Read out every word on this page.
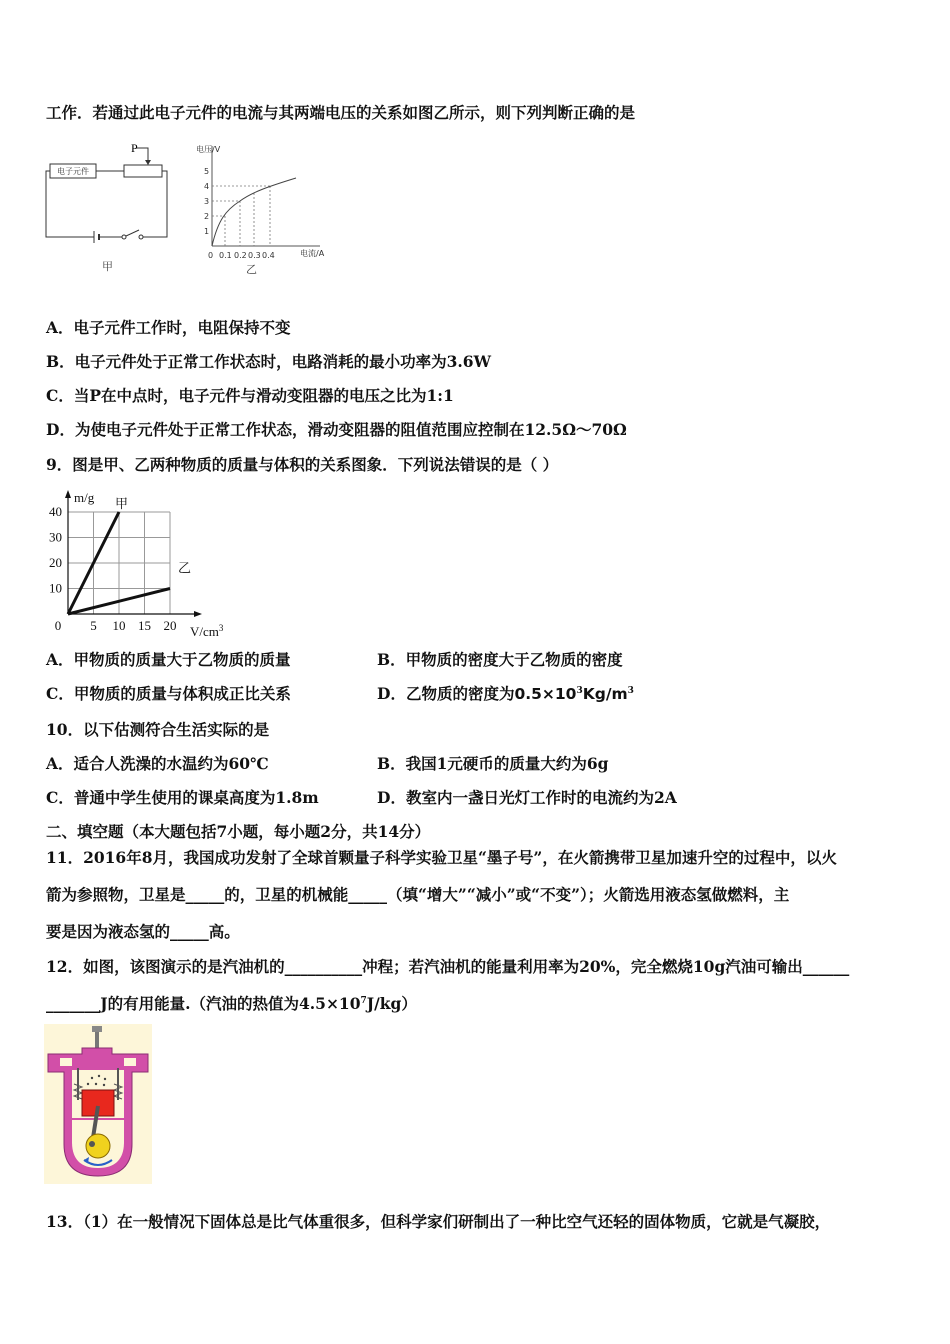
工作．若通过此电子元件的电流与其两端电压的关系如图乙所示，则下列判断正确的是
电子元件
P
甲
电压/V
电流/A
1
2
3
4
5
0 0.1 0.2 0.3 0.4
乙
A．电子元件工作时，电阻保持不变
B．电子元件处于正常工作状态时，电路消耗的最小功率为3.6W
C．当P在中点时，电子元件与滑动变阻器的电压之比为1:1
D．为使电子元件处于正常工作状态，滑动变阻器的阻值范围应控制在12.5Ω～70Ω
9．图是甲、乙两种物质的质量与体积的关系图象．下列说法错误的是（ ）
0 5 10 15 20
10
20
30
40
m/g
$V/cm^3$
甲
乙
A．甲物质的质量大于乙物质的质量	B．甲物质的密度大于乙物质的密度
C．甲物质的质量与体积成正比关系	D．乙物质的密度为$0.5\times 10^3Kg/m^3$
10．以下估测符合生活实际的是
A．适合人洗澡的水温约为60℃	B．我国1元硬币的质量大约为6g
C．普通中学生使用的课桌高度为1.8m	D．教室内一盏日光灯工作时的电流约为2A
二、填空题（本大题包括7小题，每小题2分，共14分）
11．2016年8月，我国成功发射了全球首颗量子科学实验卫星“墨子号”，在火箭携带卫星加速升空的过程中，以火
箭为参照物，卫星是_____的，卫星的机械能_____（填“增大”“减小”或“不变”）；火箭选用液态氢做燃料，主
要是因为液态氢的_____高。
12．如图，该图演示的是汽油机的__________冲程；若汽油机的能量利用率为20%，完全燃烧10g汽油可输出______
_______J的有用能量.（汽油的热值为$4.5\times 10^7J/kg$）
13．（1）在一般情况下固体总是比气体重很多，但科学家们研制出了一种比空气还轻的固体物质，它就是气凝胶，
